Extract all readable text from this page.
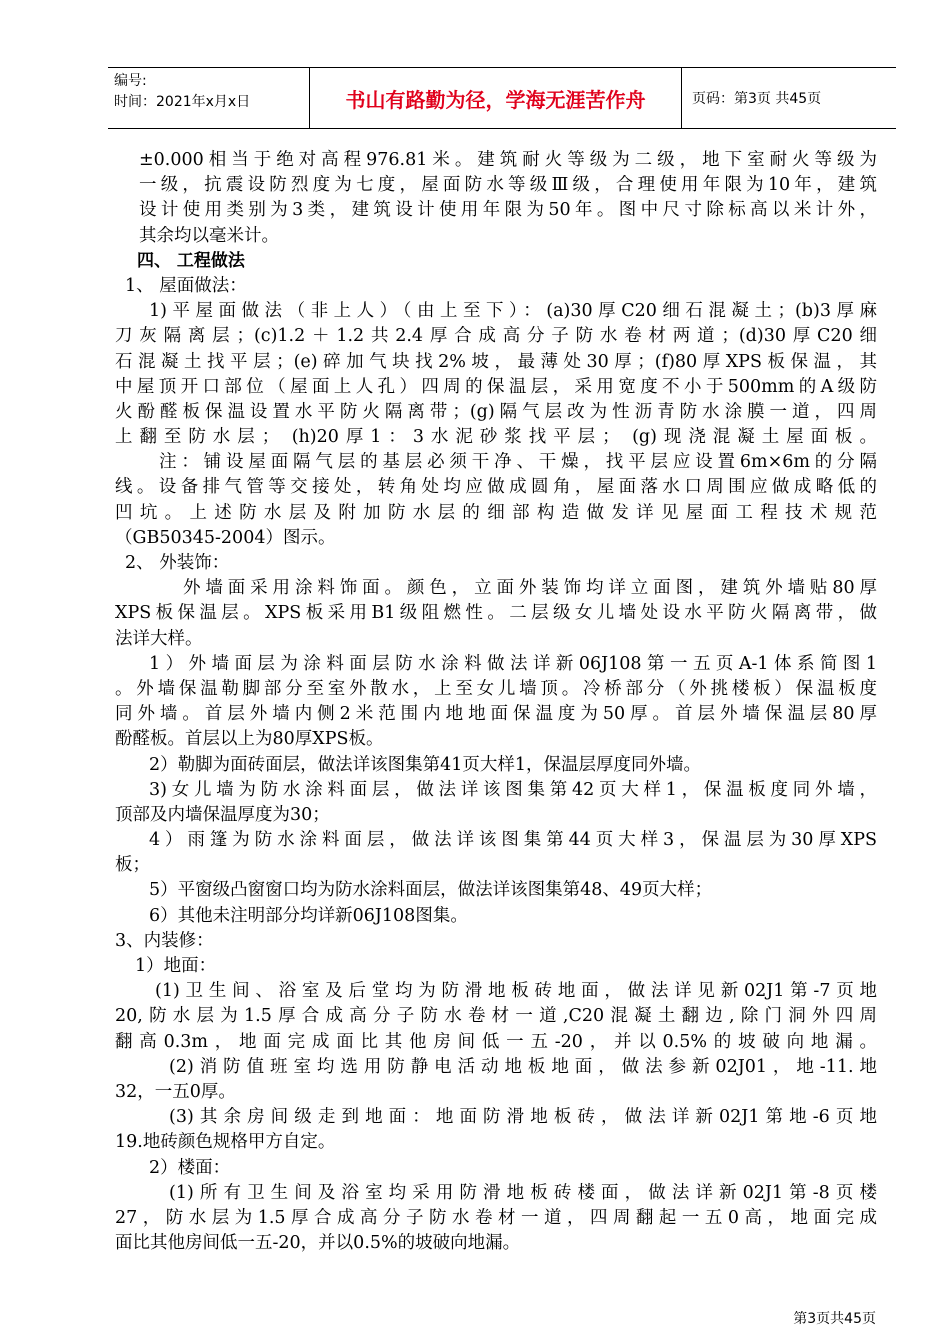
编号:
时间：2021年x月x日	书山有路勤为径，学海无涯苦作舟	页码：第3页 共45页
±0.000相当于绝对高程976.81米。建筑耐火等级为二级，地下室耐火等级为
一级，抗震设防烈度为七度，屋面防水等级Ⅲ级，合理使用年限为10年，建筑
设计使用类别为3类，建筑设计使用年限为50年。图中尺寸除标高以米计外，
其余均以毫米计。
四、 工程做法
1、 屋面做法：
1)平屋面做法（非上人）（由上至下）：(a)30厚C20细石混凝土；(b)3厚麻
刀灰隔离层；(c)1.2＋1.2共2.4厚合成高分子防水卷材两道；(d)30厚C20细
石混凝土找平层；(e)碎加气块找2%坡，最薄处30厚；(f)80厚XPS板保温，其
中屋顶开口部位（屋面上人孔）四周的保温层，采用宽度不小于500mm的A级防
火酚醛板保温设置水平防火隔离带；(g)隔气层改为性沥青防水涂膜一道，四周
上翻至防水层； (h)20厚1：3水泥砂浆找平层； (g)现浇混凝土屋面板。
注：铺设屋面隔气层的基层必须干净、干燥，找平层应设置6m×6m的分隔
线。设备排气管等交接处，转角处均应做成圆角，屋面落水口周围应做成略低的
凹坑。上述防水层及附加防水层的细部构造做发详见屋面工程技术规范
（GB50345-2004）图示。
2、 外装饰：
外墙面采用涂料饰面。颜色，立面外装饰均详立面图，建筑外墙贴80厚
XPS板保温层。XPS板采用B1级阻燃性。二层级女儿墙处设水平防火隔离带，做
法详大样。
1）外墙面层为涂料面层防水涂料做法详新06J108第一五页A-1体系简图1
。外墙保温勒脚部分至室外散水，上至女儿墙顶。冷桥部分（外挑楼板）保温板度
同外墙。首层外墙内侧2米范围内地地面保温度为50厚。首层外墙保温层80厚
酚醛板。首层以上为80厚XPS板。
2）勒脚为面砖面层，做法详该图集第41页大样1，保温层厚度同外墙。
3)女儿墙为防水涂料面层，做法详该图集第42页大样1，保温板度同外墙，
顶部及内墙保温厚度为30；
4）雨篷为防水涂料面层，做法详该图集第44页大样3，保温层为30厚XPS
板；
5）平窗级凸窗窗口均为防水涂料面层，做法详该图集第48、49页大样；
6）其他未注明部分均详新06J108图集。
3、内装修：
1）地面：
(1)卫生间、浴室及后堂均为防滑地板砖地面，做法详见新02J1第-7页地
20,防水层为1.5厚合成高分子防水卷材一道,C20混凝土翻边,除门洞外四周
翻高0.3m，地面完成面比其他房间低一五-20，并以0.5%的坡破向地漏。
(2)消防值班室均选用防静电活动地板地面，做法参新02J01，地-11.地
32，一五0厚。
(3)其余房间级走到地面：地面防滑地板砖，做法详新02J1第地-6页地
19.地砖颜色规格甲方自定。
2）楼面：
(1)所有卫生间及浴室均采用防滑地板砖楼面，做法详新02J1第-8页楼
27，防水层为1.5厚合成高分子防水卷材一道，四周翻起一五0高，地面完成
面比其他房间低一五-20，并以0.5%的坡破向地漏。
第3页共45页
